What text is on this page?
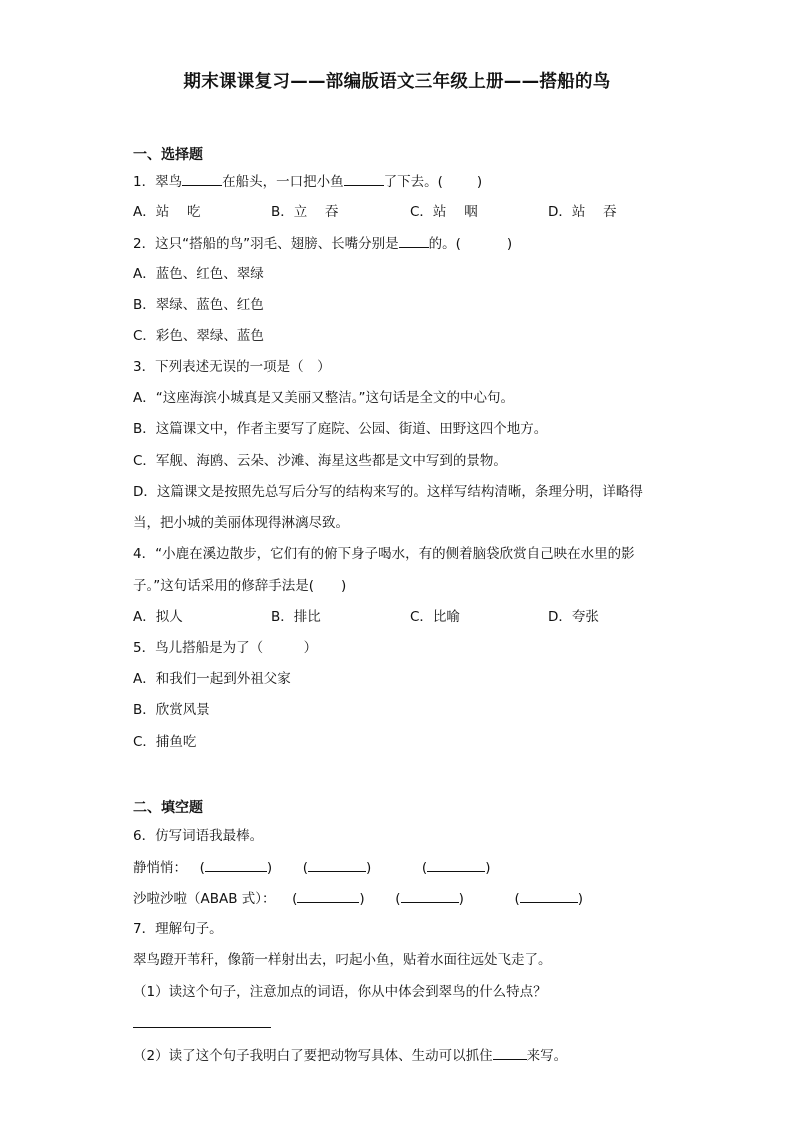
期末课课复习——部编版语文三年级上册——搭船的鸟
一、选择题
1．翠鸟	在船头，一口把小鱼	了下去。(	)
A．站　 吃	B．立　 吞	C．站　 咽	D．站　 吞
2．这只“搭船的鸟”羽毛、翅膀、长嘴分别是 的。(	)
A．蓝色、红色、翠绿
B．翠绿、蓝色、红色
C．彩色、翠绿、蓝色
3．下列表述无误的一项是（　）
A．“这座海滨小城真是又美丽又整洁。”这句话是全文的中心句。
B．这篇课文中，作者主要写了庭院、公园、街道、田野这四个地方。
C．军舰、海鸥、云朵、沙滩、海星这些都是文中写到的景物。
D．这篇课文是按照先总写后分写的结构来写的。这样写结构清晰，条理分明，详略得
当，把小城的美丽体现得淋漓尽致。
4．“小鹿在溪边散步，它们有的俯下身子喝水，有的侧着脑袋欣赏自己映在水里的影
子。”这句话采用的修辞手法是(　　)
A．拟人	B．排比	C．比喻	D．夸张
5．鸟儿搭船是为了（　　　）
A．和我们一起到外祖父家
B．欣赏风景
C．捕鱼吃
二、填空题
6．仿写词语我最棒。
静悄悄： (	) (	)	(	)
沙啦沙啦（ABAB 式）： (	) (	)	(	)
7．理解句子。
翠鸟蹬开苇秆，像箭一样射出去，叼起小鱼，贴着水面往远处飞走了。
（1）读这个句子，注意加点的词语，你从中体会到翠鸟的什么特点？
（2）读了这个句子我明白了要把动物写具体、生动可以抓住	来写。
